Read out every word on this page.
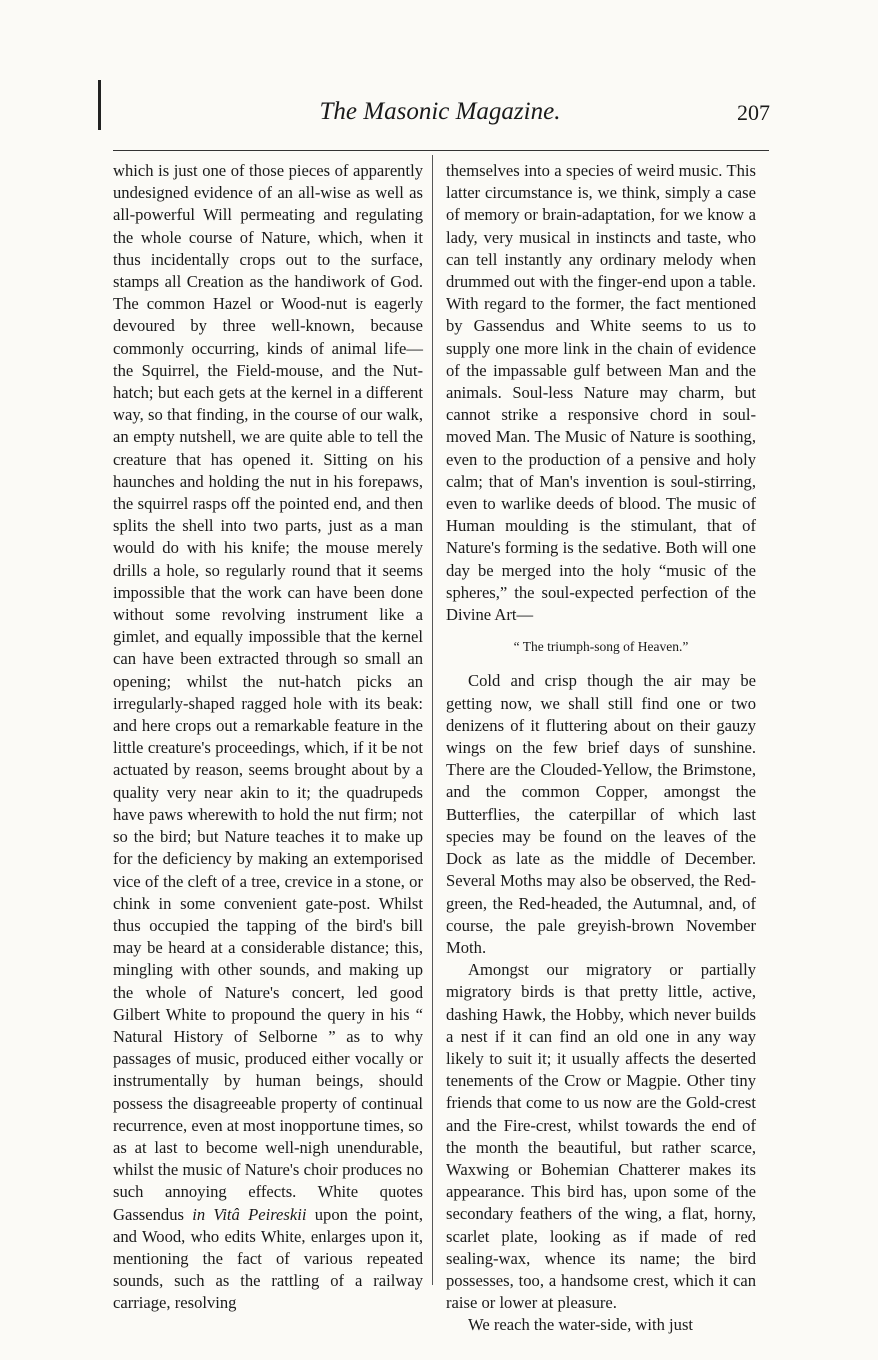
The Masonic Magazine.	207

which is just one of those pieces of apparently undesigned evidence of an all-wise as well as all-powerful Will permeating and regulating the whole course of Nature, which, when it thus incidentally crops out to the surface, stamps all Creation as the handiwork of God. The common Hazel or Wood-nut is eagerly devoured by three well-known, because commonly occurring, kinds of animal life—the Squirrel, the Field-mouse, and the Nut-hatch; but each gets at the kernel in a different way, so that finding, in the course of our walk, an empty nutshell, we are quite able to tell the creature that has opened it. Sitting on his haunches and holding the nut in his forepaws, the squirrel rasps off the pointed end, and then splits the shell into two parts, just as a man would do with his knife; the mouse merely drills a hole, so regularly round that it seems impossible that the work can have been done without some revolving instrument like a gimlet, and equally impossible that the kernel can have been extracted through so small an opening; whilst the nut-hatch picks an irregularly-shaped ragged hole with its beak: and here crops out a remarkable feature in the little creature's proceedings, which, if it be not actuated by reason, seems brought about by a quality very near akin to it; the quadrupeds have paws wherewith to hold the nut firm; not so the bird; but Nature teaches it to make up for the deficiency by making an extemporised vice of the cleft of a tree, crevice in a stone, or chink in some convenient gate-post. Whilst thus occupied the tapping of the bird's bill may be heard at a considerable distance; this, mingling with other sounds, and making up the whole of Nature's concert, led good Gilbert White to propound the query in his “ Natural History of Selborne ” as to why passages of music, produced either vocally or instrumentally by human beings, should possess the disagreeable property of continual recurrence, even at most inopportune times, so as at last to become well-nigh unendurable, whilst the music of Nature's choir produces no such annoying effects. White quotes Gassendus in Vitâ Peireskii upon the point, and Wood, who edits White, enlarges upon it, mentioning the fact of various repeated sounds, such as the rattling of a railway carriage, resolving

themselves into a species of weird music. This latter circumstance is, we think, simply a case of memory or brain-adaptation, for we know a lady, very musical in instincts and taste, who can tell instantly any ordinary melody when drummed out with the finger-end upon a table. With regard to the former, the fact mentioned by Gassendus and White seems to us to supply one more link in the chain of evidence of the impassable gulf between Man and the animals. Soul-less Nature may charm, but cannot strike a responsive chord in soul-moved Man. The Music of Nature is soothing, even to the production of a pensive and holy calm; that of Man's invention is soul-stirring, even to warlike deeds of blood. The music of Human moulding is the stimulant, that of Nature's forming is the sedative. Both will one day be merged into the holy “music of the spheres,” the soul-expected perfection of the Divine Art—

“ The triumph-song of Heaven.”

Cold and crisp though the air may be getting now, we shall still find one or two denizens of it fluttering about on their gauzy wings on the few brief days of sunshine. There are the Clouded-Yellow, the Brimstone, and the common Copper, amongst the Butterflies, the caterpillar of which last species may be found on the leaves of the Dock as late as the middle of December. Several Moths may also be observed, the Red-green, the Red-headed, the Autumnal, and, of course, the pale greyish-brown November Moth.

Amongst our migratory or partially migratory birds is that pretty little, active, dashing Hawk, the Hobby, which never builds a nest if it can find an old one in any way likely to suit it; it usually affects the deserted tenements of the Crow or Magpie. Other tiny friends that come to us now are the Gold-crest and the Fire-crest, whilst towards the end of the month the beautiful, but rather scarce, Waxwing or Bohemian Chatterer makes its appearance. This bird has, upon some of the secondary feathers of the wing, a flat, horny, scarlet plate, looking as if made of red sealing-wax, whence its name; the bird possesses, too, a handsome crest, which it can raise or lower at pleasure.

We reach the water-side, with just
